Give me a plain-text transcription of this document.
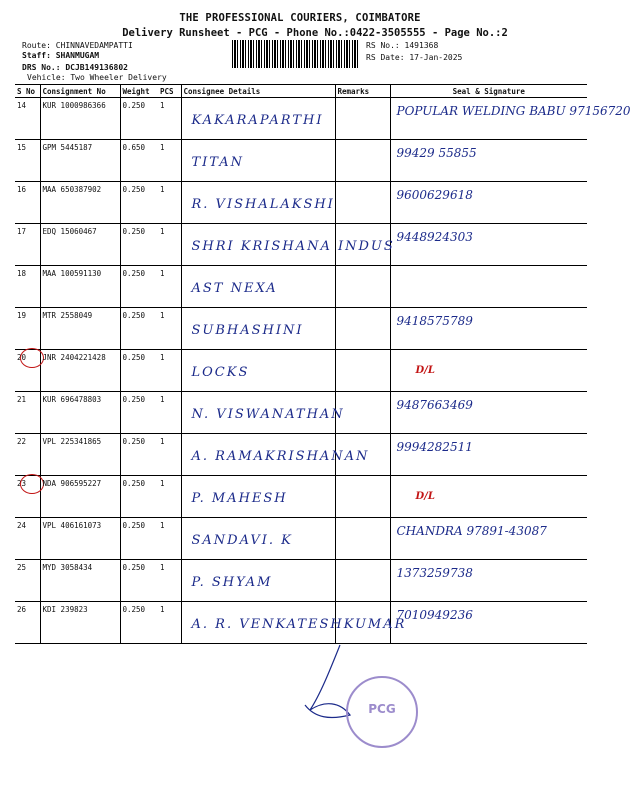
THE PROFESSIONAL COURIERS, COIMBATORE
Delivery Runsheet - PCG - Phone No.:0422-3505555 - Page No.:2
Route: CHINNAVEDAMPATTI
Staff: SHANMUGAM
DRS No.: DCJB149136802
Vehicle: Two Wheeler Delivery
RS No.: 1491368
RS Date: 17-Jan-2025
S No	Consignment No	Weight	PCS	Consignee Details	Remarks	Seal & Signature
14	KUR 1000986366	0.250	1	KAKARAPARTHI		POPULAR WELDING BABU 97156720

15	GPM 5445187	0.650	1	TITAN		99429 55855

16	MAA 650387902	0.250	1	R. VISHALAKSHI		9600629618

17	EDQ 15060467	0.250	1	SHRI KRISHANA INDUS		9448924303

18	MAA 100591130	0.250	1	AST NEXA		

19	MTR 2558049	0.250	1	SUBHASHINI		9418575789

20	JNR 2404221428	0.250	1	LOCKS		D/L

21	KUR 696478803	0.250	1	N. VISWANATHAN		9487663469

22	VPL 225341865	0.250	1	A. RAMAKRISHANAN		9994282511

23	NDA 906595227	0.250	1	P. MAHESH		D/L

24	VPL 406161073	0.250	1	SANDAVI. K		CHANDRA 97891-43087

25	MYD 3058434	0.250	1	P. SHYAM		1373259738

26	KDI 239823	0.250	1	A. R. VENKATESHKUMAR		7010949236
PCG
